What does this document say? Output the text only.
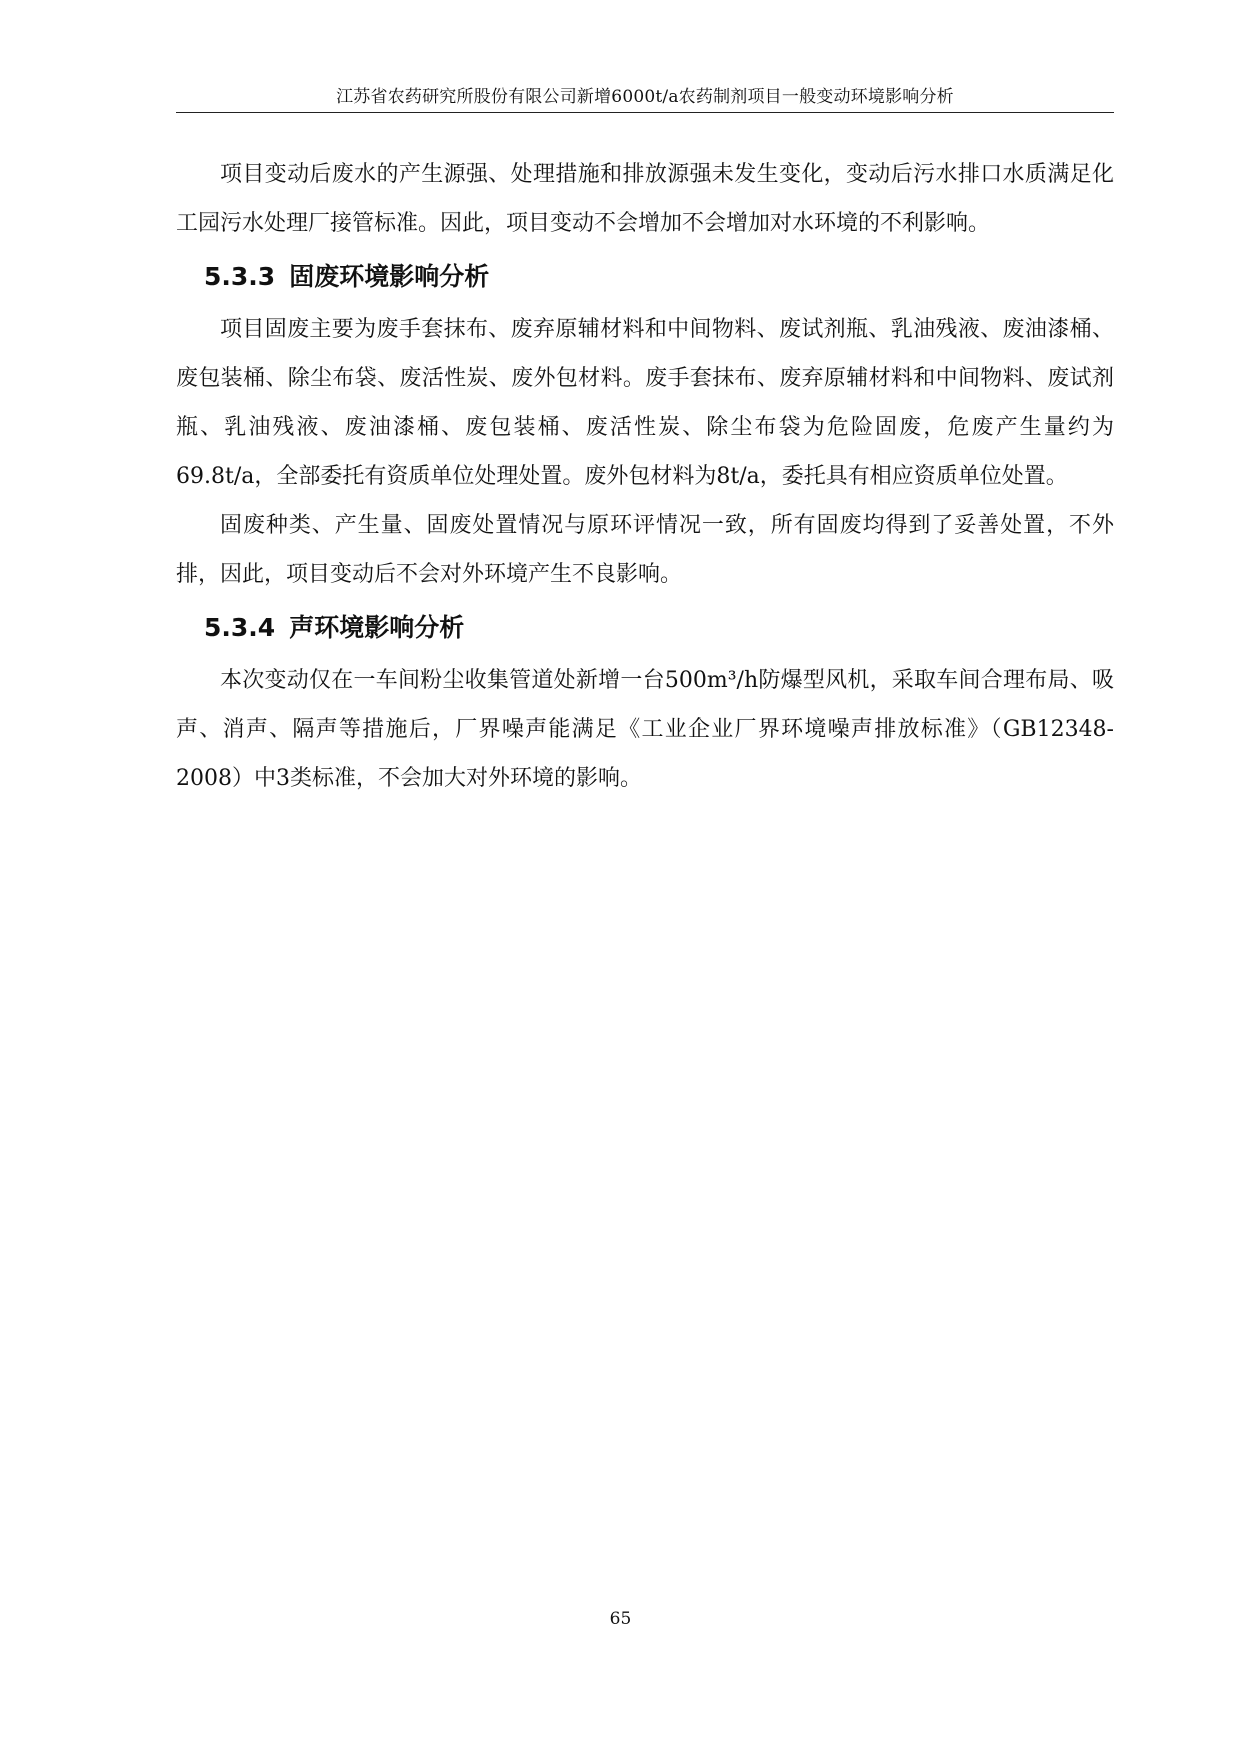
江苏省农药研究所股份有限公司新增6000t/a农药制剂项目一般变动环境影响分析

项目变动后废水的产生源强、处理措施和排放源强未发生变化，变动后污水排口水质满足化工园污水处理厂接管标准。因此，项目变动不会增加不会增加对水环境的不利影响。

5.3.3 固废环境影响分析

项目固废主要为废手套抹布、废弃原辅材料和中间物料、废试剂瓶、乳油残液、废油漆桶、废包装桶、除尘布袋、废活性炭、废外包材料。废手套抹布、废弃原辅材料和中间物料、废试剂瓶、乳油残液、废油漆桶、废包装桶、废活性炭、除尘布袋为危险固废，危废产生量约为69.8t/a，全部委托有资质单位处理处置。废外包材料为8t/a，委托具有相应资质单位处置。

固废种类、产生量、固废处置情况与原环评情况一致，所有固废均得到了妥善处置，不外排，因此，项目变动后不会对外环境产生不良影响。

5.3.4 声环境影响分析

本次变动仅在一车间粉尘收集管道处新增一台500m³/h防爆型风机，采取车间合理布局、吸声、消声、隔声等措施后，厂界噪声能满足《工业企业厂界环境噪声排放标准》（GB12348-2008）中3类标准，不会加大对外环境的影响。

65
